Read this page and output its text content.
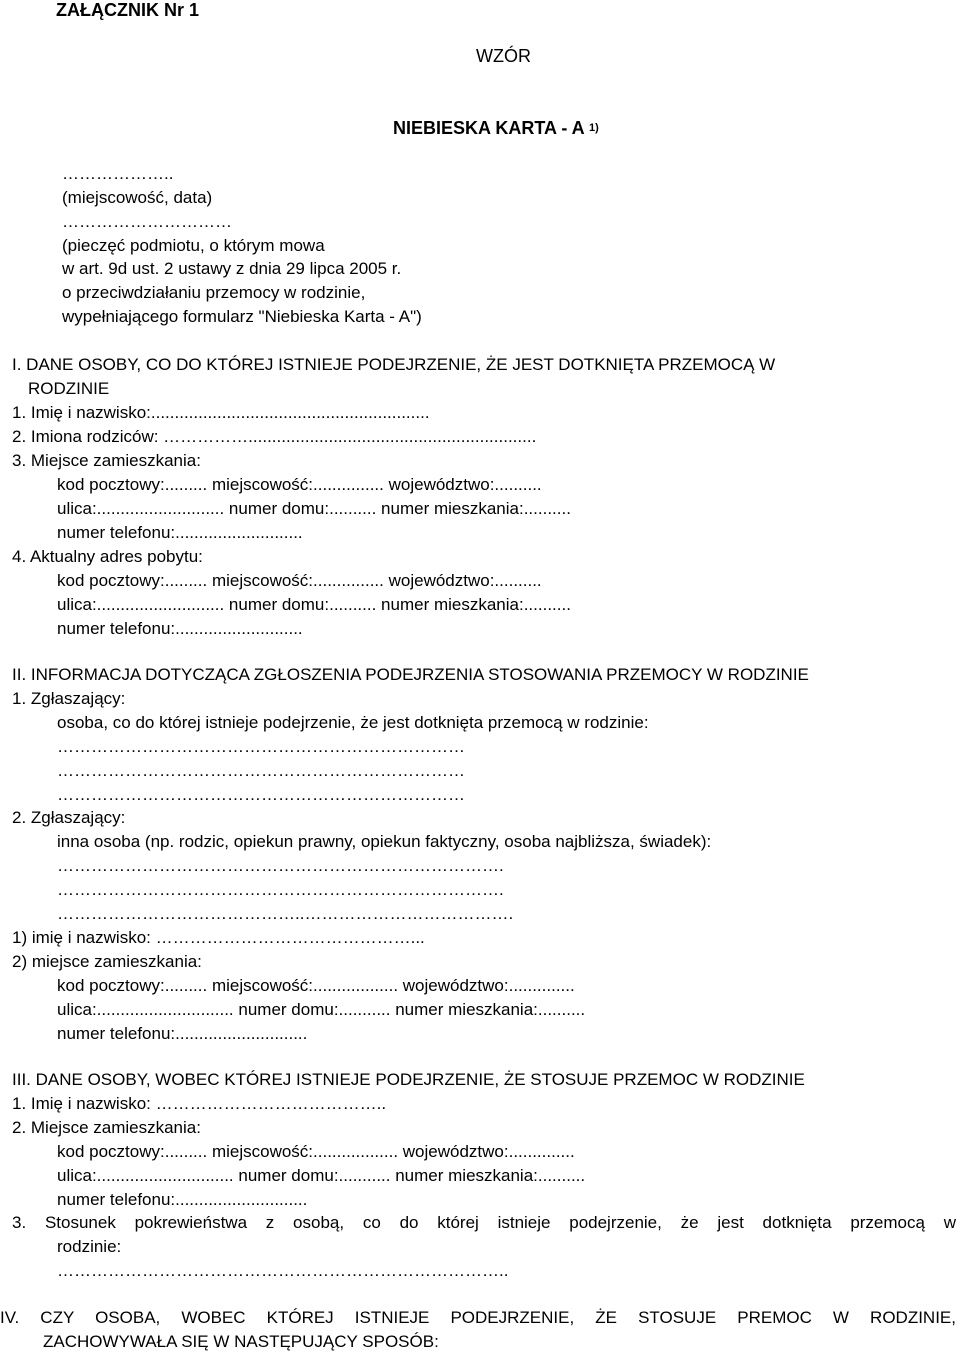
ZAŁĄCZNIK Nr 1
WZÓR
NIEBIESKA KARTA - A $^{1)}$
………………..
(miejscowość, data)
…………………………
(pieczęć podmiotu, o którym mowa
w art. 9d ust. 2 ustawy z dnia 29 lipca 2005 r.
o przeciwdziałaniu przemocy w rodzinie,
wypełniającego formularz "Niebieska Karta - A")
I. DANE OSOBY, CO DO KTÓREJ ISTNIEJE PODEJRZENIE, ŻE JEST DOTKNIĘTA PRZEMOCĄ W
RODZINIE
1. Imię i nazwisko:...........................................................
2. Imiona rodziców: …………….............................................................
3. Miejsce zamieszkania:
kod pocztowy:......... miejscowość:............... województwo:..........
ulica:........................... numer domu:.......... numer mieszkania:..........
numer telefonu:...........................
4. Aktualny adres pobytu:
kod pocztowy:......... miejscowość:............... województwo:..........
ulica:........................... numer domu:.......... numer mieszkania:..........
numer telefonu:...........................
II. INFORMACJA DOTYCZĄCA ZGŁOSZENIA PODEJRZENIA STOSOWANIA PRZEMOCY W RODZINIE
1. Zgłaszający:
osoba, co do której istnieje podejrzenie, że jest dotknięta przemocą w rodzinie:
………………………………………………………………
………………………………………………………………
………………………………………………………………
2. Zgłaszający:
inna osoba (np. rodzic, opiekun prawny, opiekun faktyczny, osoba najbliższa, świadek):
…………………………………………………………………….
…………………………………………………………………….
……………………………………..……………………………….
1) imię i nazwisko: ………………………………………...
2) miejsce zamieszkania:
kod pocztowy:......... miejscowość:.................. województwo:..............
ulica:............................. numer domu:........... numer mieszkania:..........
numer telefonu:............................
III. DANE OSOBY, WOBEC KTÓREJ ISTNIEJE PODEJRZENIE, ŻE STOSUJE PRZEMOC W RODZINIE
1. Imię i nazwisko: …………………………………..
2. Miejsce zamieszkania:
kod pocztowy:......... miejscowość:.................. województwo:..............
ulica:............................. numer domu:........... numer mieszkania:..........
numer telefonu:............................
3. Stosunek pokrewieństwa z osobą, co do której istnieje podejrzenie, że jest dotknięta przemocą w
rodzinie:
……………………………………………………………………..
IV. CZY OSOBA, WOBEC KTÓREJ ISTNIEJE PODEJRZENIE, ŻE STOSUJE PREMOC W RODZINIE,
ZACHOWYWAŁA SIĘ W NASTĘPUJĄCY SPOSÓB:
